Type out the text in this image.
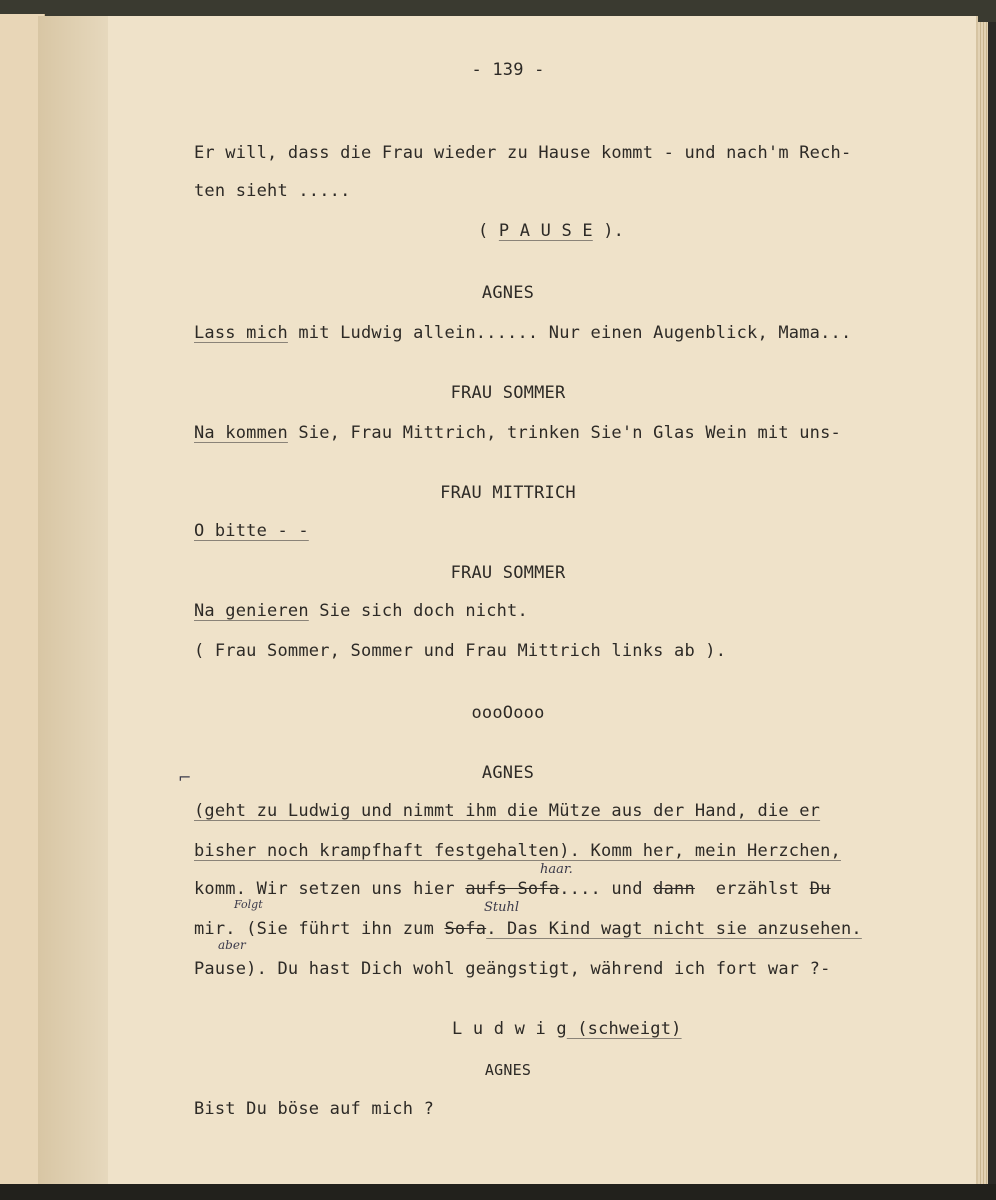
- 139 -

Er will, dass die Frau wieder zu Hause kommt - und nach'm Rech-

ten sieht .....

( P A U S E ).

AGNES

Lass mich mit Ludwig allein...... Nur einen Augenblick, Mama...

FRAU SOMMER

Na kommen Sie, Frau Mittrich, trinken Sie'n Glas Wein mit uns-

FRAU MITTRICH

O bitte - -

FRAU SOMMER

Na genieren Sie sich doch nicht.

( Frau Sommer, Sommer und Frau Mittrich links ab ).

oooOooo

AGNES

⌐

(geht zu Ludwig und nimmt ihm die Mütze aus der Hand, die er

bisher noch krampfhaft festgehalten). Komm her, mein Herzchen,

haar.

komm. Wir setzen uns hier aufs Sofa.... und dann  erzählst Du

Folgt	Stuhl

mir. (Sie führt ihn zum Sofa. Das Kind wagt nicht sie anzusehen.

aber

Pause). Du hast Dich wohl geängstigt, während ich fort war ?-

L u d w i g (schweigt)

AGNES

Bist Du böse auf mich ?
